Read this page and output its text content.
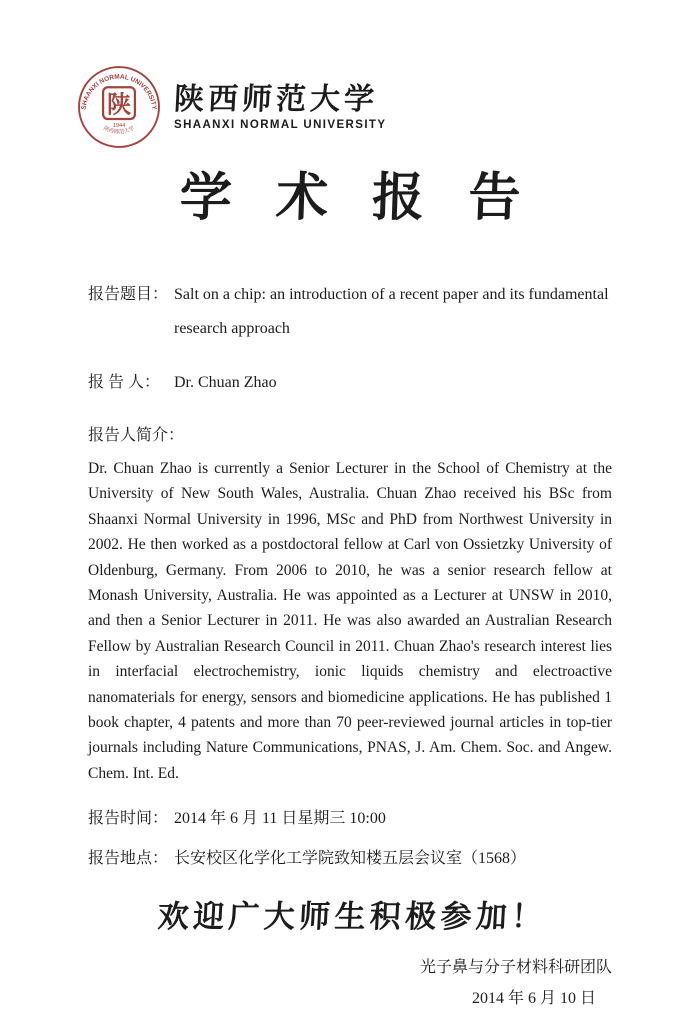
SHAANXI NORMAL UNIVERSITY
陕西师范大学
陕
1944
陕西师范大学
SHAANXI NORMAL UNIVERSITY
学 术 报 告
报告题目： Salt on a chip: an introduction of a recent paper and its fundamental research approach
报 告 人： Dr. Chuan Zhao
报告人简介：

Dr. Chuan Zhao is currently a Senior Lecturer in the School of Chemistry at the University of New South Wales, Australia. Chuan Zhao received his BSc from Shaanxi Normal University in 1996, MSc and PhD from Northwest University in 2002. He then worked as a postdoctoral fellow at Carl von Ossietzky University of Oldenburg, Germany. From 2006 to 2010, he was a senior research fellow at Monash University, Australia. He was appointed as a Lecturer at UNSW in 2010, and then a Senior Lecturer in 2011. He was also awarded an Australian Research Fellow by Australian Research Council in 2011. Chuan Zhao's research interest lies in interfacial electrochemistry, ionic liquids chemistry and electroactive nanomaterials for energy, sensors and biomedicine applications. He has published 1 book chapter, 4 patents and more than 70 peer-reviewed journal articles in top-tier journals including Nature Communications, PNAS, J. Am. Chem. Soc. and Angew. Chem. Int. Ed.

报告时间： 2014 年 6 月 11 日星期三 10:00
报告地点： 长安校区化学化工学院致知楼五层会议室（1568）
欢迎广大师生积极参加！
光子鼻与分子材料科研团队
2014 年 6 月 10 日
